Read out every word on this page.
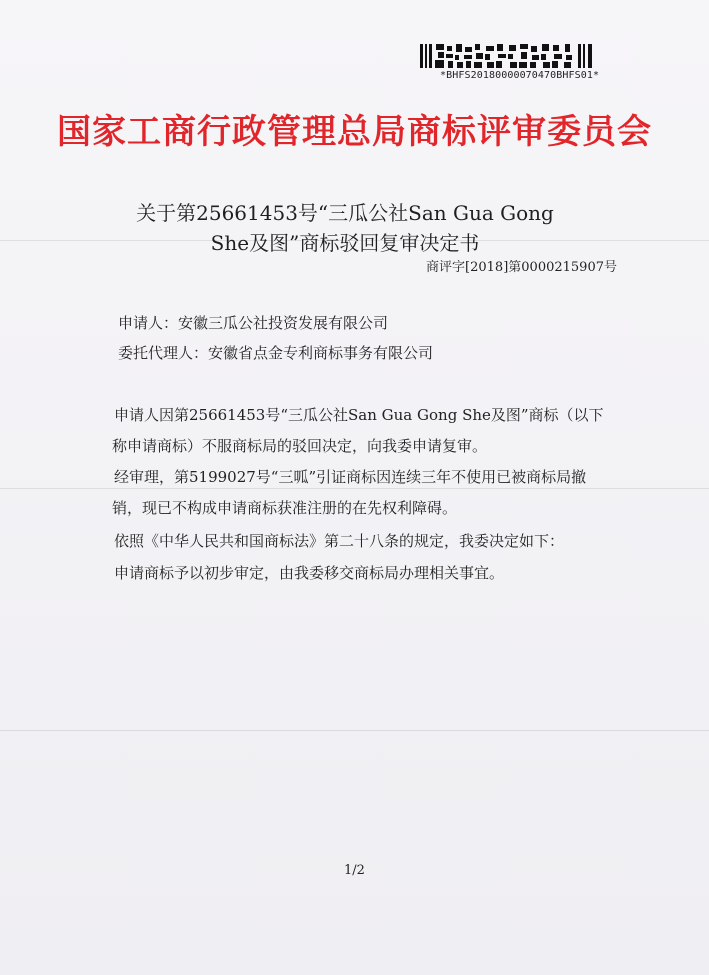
*BHFS20180000070470BHFS01*
国家工商行政管理总局商标评审委员会
关于第25661453号“三瓜公社San Gua Gong
She及图”商标驳回复审决定书
商评字[2018]第0000215907号
申请人：安徽三瓜公社投资发展有限公司
委托代理人：安徽省点金专利商标事务有限公司
申请人因第25661453号“三瓜公社San Gua Gong She及图”商标（以下称申请商标）不服商标局的驳回决定，向我委申请复审。
经审理，第5199027号“三呱”引证商标因连续三年不使用已被商标局撤销，现已不构成申请商标获准注册的在先权利障碍。
依照《中华人民共和国商标法》第二十八条的规定，我委决定如下：
申请商标予以初步审定，由我委移交商标局办理相关事宜。
1/2
